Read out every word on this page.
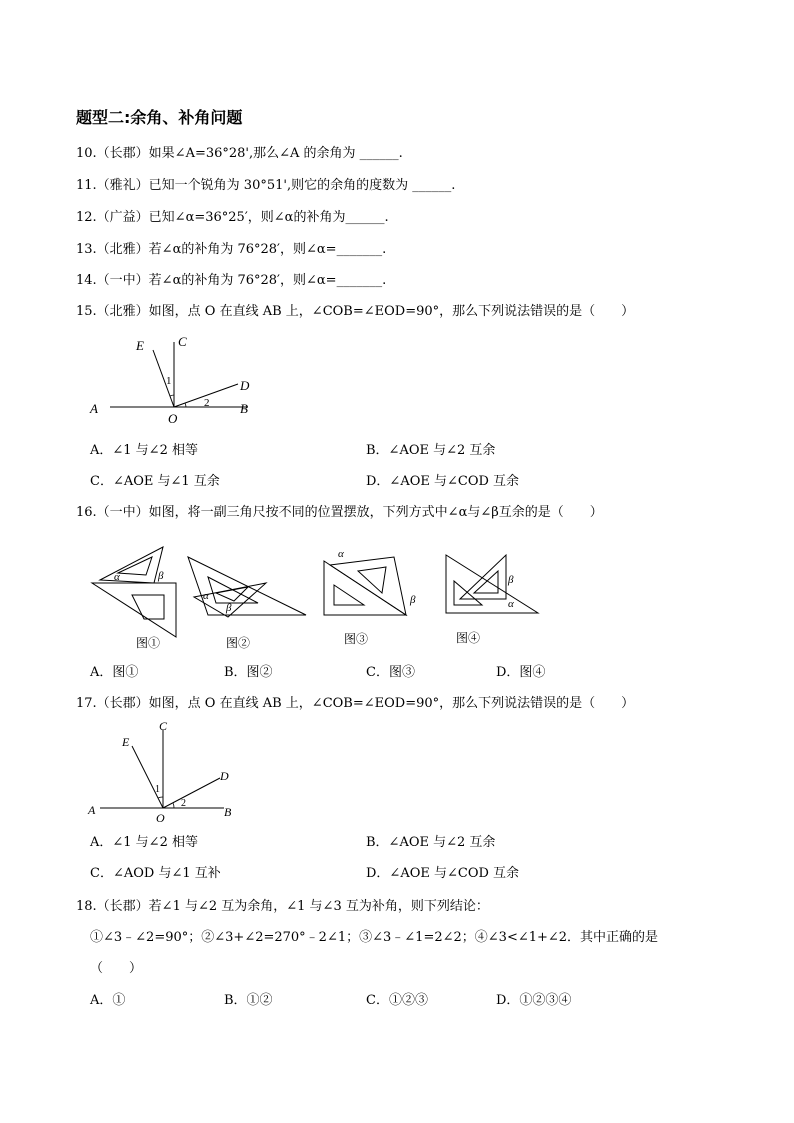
题型二:余角、补角问题
10.（长郡）如果∠A=36°28',那么∠A 的余角为 ______.
11.（雅礼）已知一个锐角为 30°51',则它的余角的度数为 ______.
12.（广益）已知∠α=36°25′，则∠α的补角为______.
13.（北雅）若∠α的补角为 76°28′，则∠α=_______.
14.（一中）若∠α的补角为 76°28′，则∠α=_______.
15.（北雅）如图，点 O 在直线 AB 上，∠COB=∠EOD=90°，那么下列说法错误的是（　　）
A	B
C
D
E
O
1
2
A．∠1 与∠2 相等	B．∠AOE 与∠2 互余
C．∠AOE 与∠1 互余	D．∠AOE 与∠COD 互余
16.（一中）如图，将一副三角尺按不同的位置摆放，下列方式中∠α与∠β互余的是（　　）
α	β
图①
α
β
图②
α
β
图③
β
α
图④
A．图①	B．图②	C．图③	D．图④
17.（长郡）如图，点 O 在直线 AB 上，∠COB=∠EOD=90°，那么下列说法错误的是（　　）
A	B
C
D
E
O
1
2
A．∠1 与∠2 相等	B．∠AOE 与∠2 互余
C．∠AOD 与∠1 互补	D．∠AOE 与∠COD 互余
18.（长郡）若∠1 与∠2 互为余角，∠1 与∠3 互为补角，则下列结论：
①∠3﹣∠2=90°；②∠3+∠2=270°﹣2∠1；③∠3﹣∠1=2∠2；④∠3<∠1+∠2．其中正确的是
（　　）
A．①	B．①②	C．①②③	D．①②③④
